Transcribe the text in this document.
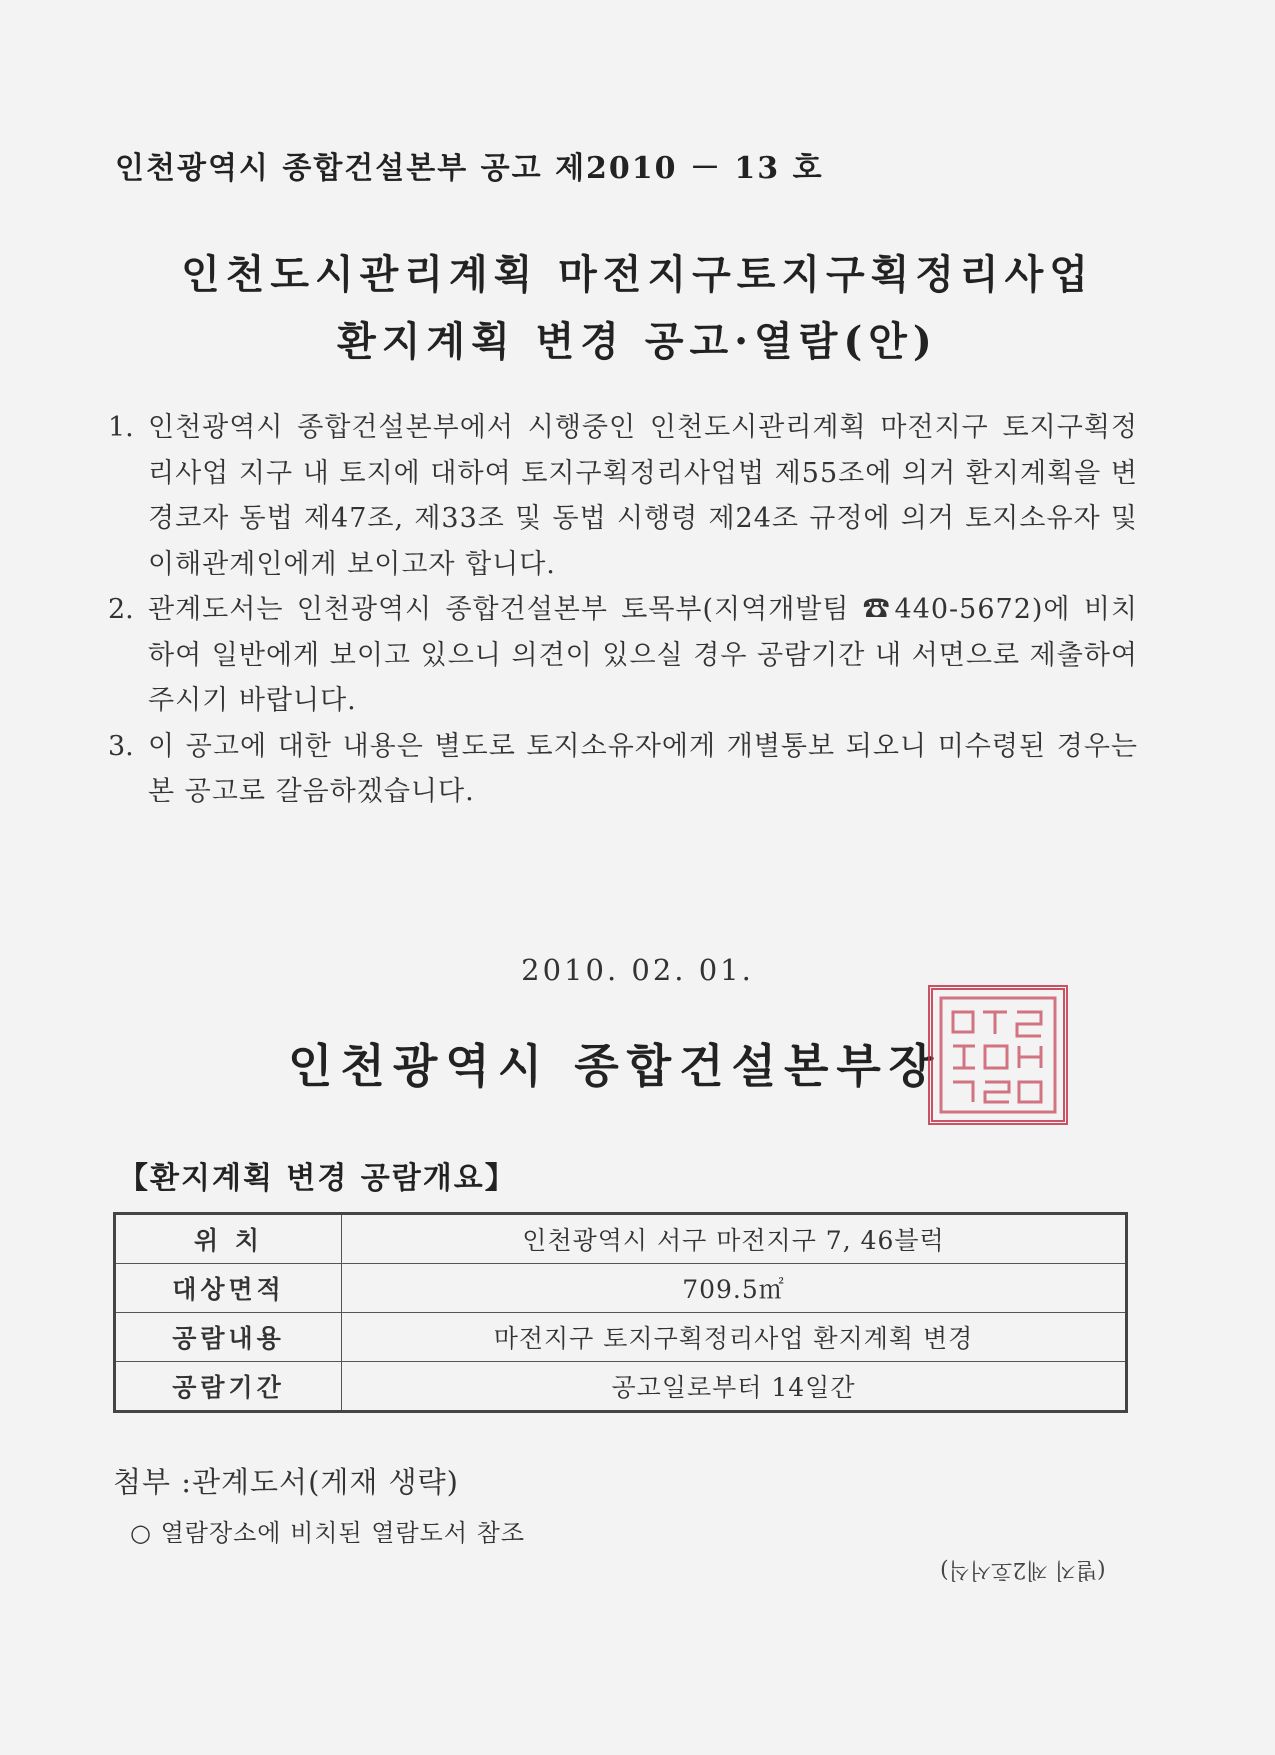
인천광역시 종합건설본부 공고 제2010 － 13 호
인천도시관리계획 마전지구토지구획정리사업
환지계획 변경 공고·열람(안)
1. 인천광역시 종합건설본부에서 시행중인 인천도시관리계획 마전지구 토지구획정리사업 지구 내 토지에 대하여 토지구획정리사업법 제55조에 의거 환지계획을 변경코자 동법 제47조, 제33조 및 동법 시행령 제24조 규정에 의거 토지소유자 및 이해관계인에게 보이고자 합니다.
2. 관계도서는 인천광역시 종합건설본부 토목부(지역개발팀 ☎440-5672)에 비치하여 일반에게 보이고 있으니 의견이 있으실 경우 공람기간 내 서면으로 제출하여 주시기 바랍니다.
3. 이 공고에 대한 내용은 별도로 토지소유자에게 개별통보 되오니 미수령된 경우는 본 공고로 갈음하겠습니다.
2010. 02. 01.
인천광역시 종합건설본부장
【환지계획 변경 공람개요】
위 치	인천광역시 서구 마전지구 7, 46블럭
대상면적	709.5㎡
공람내용	마전지구 토지구획정리사업 환지계획 변경
공람기간	공고일로부터 14일간
첨부 :관계도서(게재 생략)
○ 열람장소에 비치된 열람도서 참조
(별지 제2호서식)
